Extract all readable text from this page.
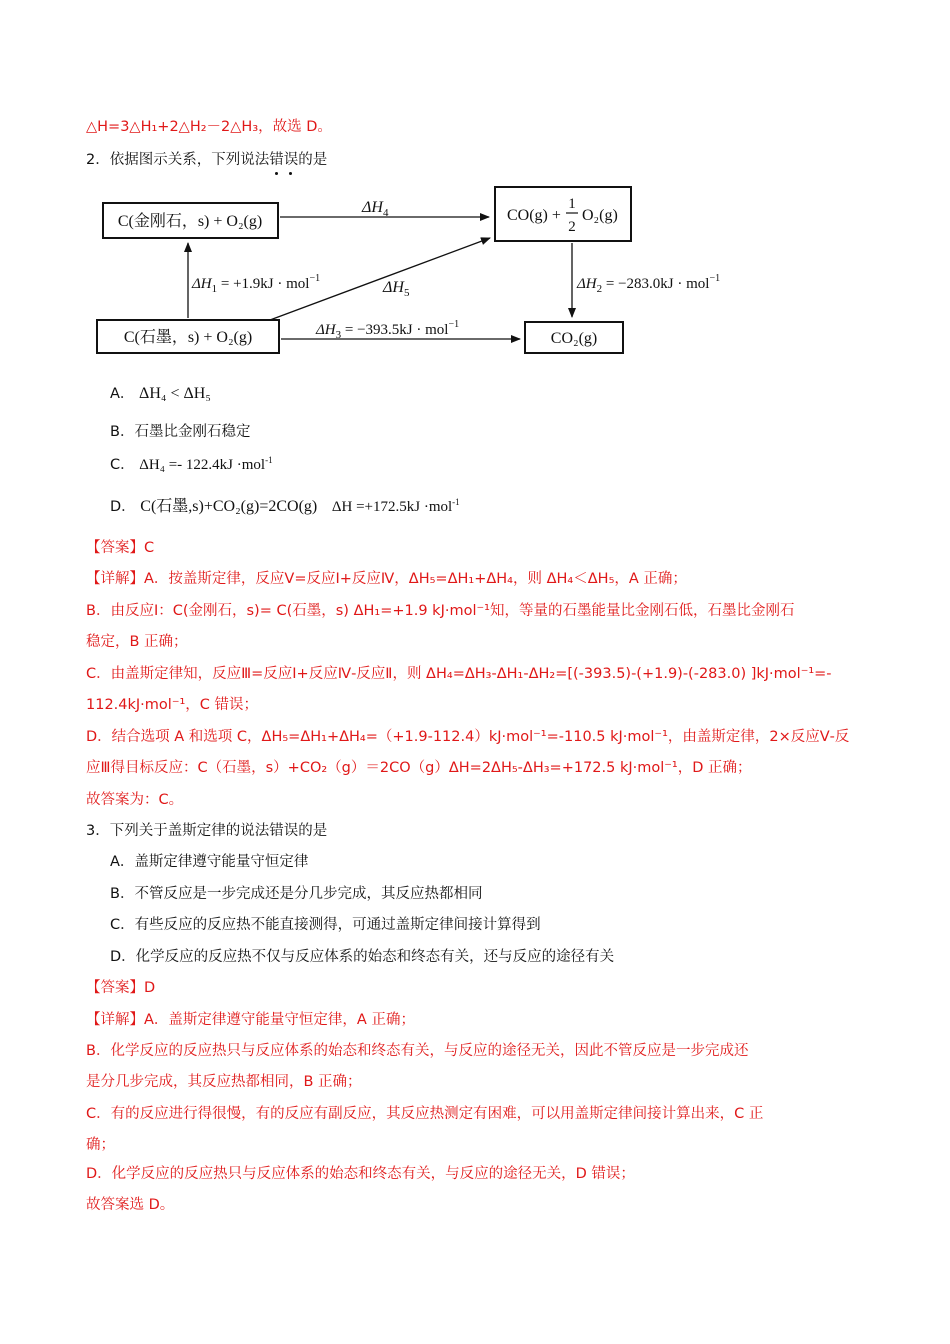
△H=3△H₁+2△H₂－2△H₃，故选 D。
2．依据图示关系，下列说法错误的是
C(金刚石，s) + O₂(g)	CO(g) +
1
2
O₂(g)
C(石墨，s) + O₂(g)	CO₂(g)
$\Delta H_4$
$\Delta H_5$
$\Delta H_1 = +1.9kJ \cdot mol^{-1}$	$\Delta H_2 = -283.0kJ \cdot mol^{-1}$
$\Delta H_3 = -393.5kJ \cdot mol^{-1}$
A． ΔH₄ < ΔH₅
B．石墨比金刚石稳定
C． ΔH₄ =- 122.4kJ ·mol$^{-1}$
D． C(石墨,s)+CO₂(g)=2CO(g) ΔH =+172.5kJ ·mol$^{-1}$
【答案】C
【详解】A．按盖斯定律，反应Ⅴ=反应Ⅰ+反应Ⅳ，ΔH₅=ΔH₁+ΔH₄，则 ΔH₄＜ΔH₅，A 正确；
B．由反应Ⅰ：C(金刚石，s)= C(石墨，s) ΔH₁=+1.9 kJ·mol⁻¹知，等量的石墨能量比金刚石低，石墨比金刚石
稳定，B 正确；
C．由盖斯定律知，反应Ⅲ=反应Ⅰ+反应Ⅳ-反应Ⅱ，则 ΔH₄=ΔH₃-ΔH₁-ΔH₂=[(-393.5)-(+1.9)-(-283.0) ]kJ·mol⁻¹=-
112.4kJ·mol⁻¹，C 错误；
D．结合选项 A 和选项 C，ΔH₅=ΔH₁+ΔH₄=（+1.9-112.4）kJ·mol⁻¹=-110.5 kJ·mol⁻¹，由盖斯定律，2×反应Ⅴ-反
应Ⅲ得目标反应：C（石墨，s）+CO₂（g）＝2CO（g）ΔH=2ΔH₅-ΔH₃=+172.5 kJ·mol⁻¹，D 正确；
故答案为：C。
3．下列关于盖斯定律的说法错误的是
A．盖斯定律遵守能量守恒定律
B．不管反应是一步完成还是分几步完成，其反应热都相同
C．有些反应的反应热不能直接测得，可通过盖斯定律间接计算得到
D．化学反应的反应热不仅与反应体系的始态和终态有关，还与反应的途径有关
【答案】D
【详解】A．盖斯定律遵守能量守恒定律，A 正确；
B．化学反应的反应热只与反应体系的始态和终态有关，与反应的途径无关，因此不管反应是一步完成还
是分几步完成，其反应热都相同，B 正确；
C．有的反应进行得很慢，有的反应有副反应，其反应热测定有困难，可以用盖斯定律间接计算出来，C 正
确；
D．化学反应的反应热只与反应体系的始态和终态有关，与反应的途径无关，D 错误；
故答案选 D。
